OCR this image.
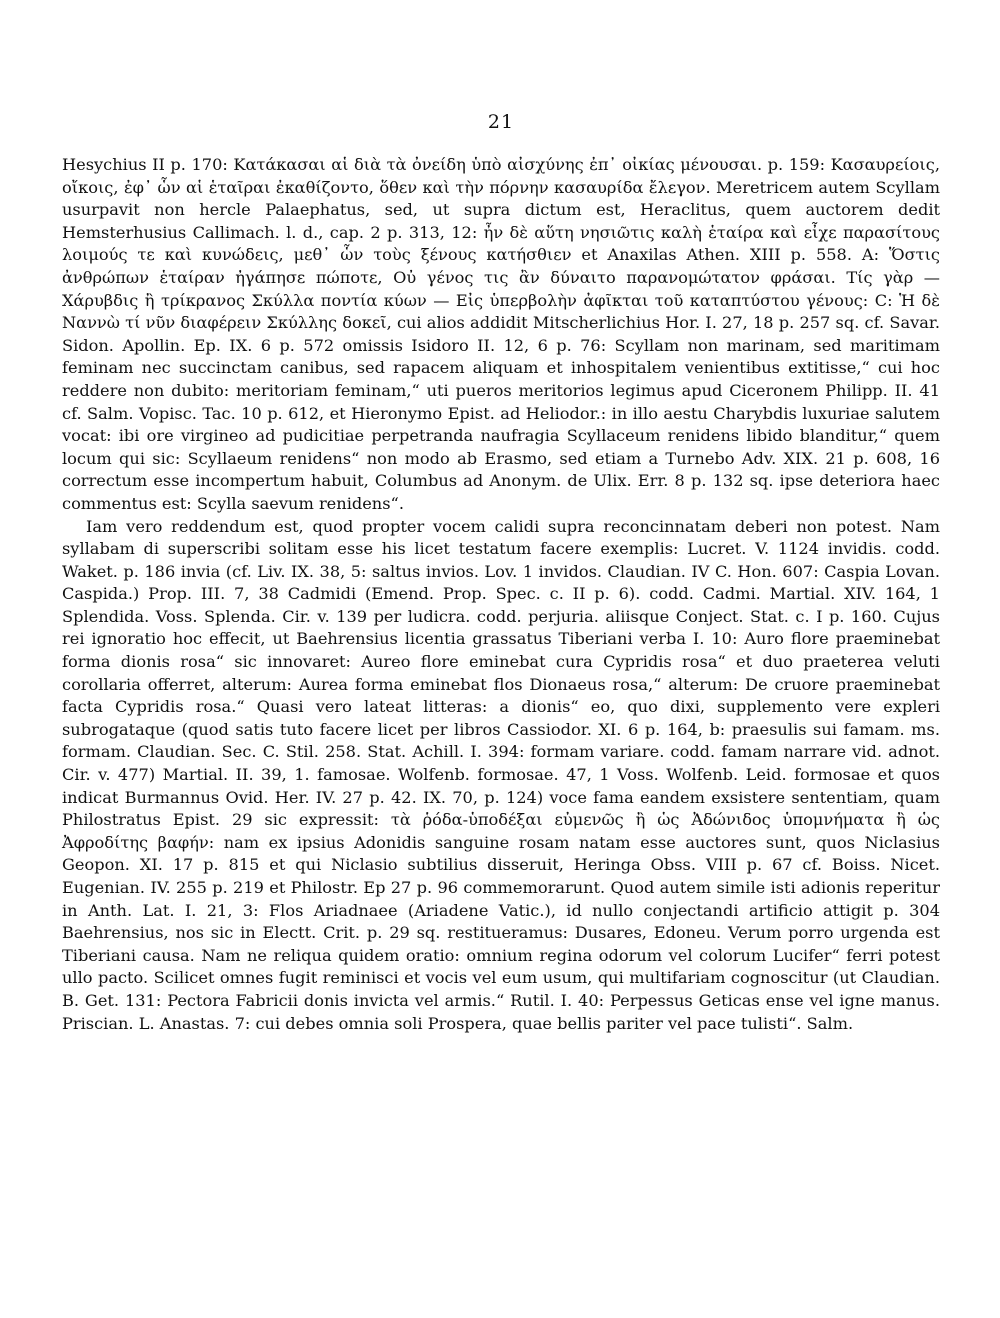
21

Hesychius II p. 170: Κατάκασαι αἱ διὰ τὰ ὀνείδη ὑπὸ αἰσχύνης ἐπ᾽ οἰκίας μένουσαι. p. 159: Κασαυρείοις, οἴκοις, ἐφ᾽ ὧν αἱ ἑταῖραι ἐκαθίζοντο, ὅθεν καὶ τὴν πόρνην κασαυρίδα ἔλεγον. Meretricem autem Scyllam usurpavit non hercle Palaephatus, sed, ut supra dictum est, Heraclitus, quem auctorem dedit Hemsterhusius Callimach. l. d., cap. 2 p. 313, 12: ἦν δὲ αὕτη νησιῶτις καλὴ ἑταίρα καὶ εἶχε παρασίτους λοιμούς τε καὶ κυνώδεις, μεθ᾽ ὧν τοὺς ξένους κατήσθιεν et Anaxilas Athen. XIII p. 558. A: Ὅστις ἀνθρώπων ἑταίραν ἠγάπησε πώποτε, Οὐ γένος τις ἂν δύναιτο παρανομώτατον φράσαι. Τίς γὰρ — Χάρυβδις ἢ τρίκρανος Σκύλλα ποντία κύων — Εἰς ὑπερβολὴν ἀφῖκται τοῦ καταπτύστου γένους: C: Ἡ δὲ Ναννὼ τί νῦν διαφέρειν Σκύλλης δοκεῖ, cui alios addidit Mitscherlichius Hor. I. 27, 18 p. 257 sq. cf. Savar. Sidon. Apollin. Ep. IX. 6 p. 572 omissis Isidoro II. 12, 6 p. 76: Scyllam non marinam, sed maritimam feminam nec succinctam canibus, sed rapacem aliquam et inhospitalem venientibus extitisse,“ cui hoc reddere non dubito: meritoriam feminam,“ uti pueros meritorios legimus apud Ciceronem Philipp. II. 41 cf. Salm. Vopisc. Tac. 10 p. 612, et Hieronymo Epist. ad Heliodor.: in illo aestu Charybdis luxuriae salutem vocat: ibi ore virgineo ad pudicitiae perpetranda naufragia Scyllaceum renidens libido blanditur,“ quem locum qui sic: Scyllaeum renidens“ non modo ab Erasmo, sed etiam a Turnebo Adv. XIX. 21 p. 608, 16 correctum esse incompertum habuit, Columbus ad Anonym. de Ulix. Err. 8 p. 132 sq. ipse deteriora haec commentus est: Scylla saevum renidens“.

Iam vero reddendum est, quod propter vocem calidi supra reconcinnatam deberi non potest. Nam syllabam di superscribi solitam esse his licet testatum facere exemplis: Lucret. V. 1124 invidis. codd. Waket. p. 186 invia (cf. Liv. IX. 38, 5: saltus invios. Lov. 1 invidos. Claudian. IV C. Hon. 607: Caspia Lovan. Caspida.) Prop. III. 7, 38 Cadmidi (Emend. Prop. Spec. c. II p. 6). codd. Cadmi. Martial. XIV. 164, 1 Splendida. Voss. Splenda. Cir. v. 139 per ludicra. codd. perjuria. aliisque Conject. Stat. c. I p. 160. Cujus rei ignoratio hoc effecit, ut Baehrensius licentia grassatus Tiberiani verba I. 10: Auro flore praeminebat forma dionis rosa“ sic innovaret: Aureo flore eminebat cura Cypridis rosa“ et duo praeterea veluti corollaria offerret, alterum: Aurea forma eminebat flos Dionaeus rosa,“ alterum: De cruore praeminebat facta Cypridis rosa.“ Quasi vero lateat litteras: a dionis“ eo, quo dixi, supplemento vere expleri subrogataque (quod satis tuto facere licet per libros Cassiodor. XI. 6 p. 164, b: praesulis sui famam. ms. formam. Claudian. Sec. C. Stil. 258. Stat. Achill. I. 394: formam variare. codd. famam narrare vid. adnot. Cir. v. 477) Martial. II. 39, 1. famosae. Wolfenb. formosae. 47, 1 Voss. Wolfenb. Leid. formosae et quos indicat Burmannus Ovid. Her. IV. 27 p. 42. IX. 70, p. 124) voce fama eandem exsistere sententiam, quam Philostratus Epist. 29 sic expressit: τὰ ῥόδα-ὑποδέξαι εὐμενῶς ἢ ὡς Ἀδώνιδος ὑπομνήματα ἢ ὡς Ἀφροδίτης βαφήν: nam ex ipsius Adonidis sanguine rosam natam esse auctores sunt, quos Niclasius Geopon. XI. 17 p. 815 et qui Niclasio subtilius disseruit, Heringa Obss. VIII p. 67 cf. Boiss. Nicet. Eugenian. IV. 255 p. 219 et Philostr. Ep 27 p. 96 commemorarunt. Quod autem simile isti adionis reperitur in Anth. Lat. I. 21, 3: Flos Ariadnaee (Ariadene Vatic.), id nullo conjectandi artificio attigit p. 304 Baehrensius, nos sic in Electt. Crit. p. 29 sq. restitueramus: Dusares, Edoneu. Verum porro urgenda est Tiberiani causa. Nam ne reliqua quidem oratio: omnium regina odorum vel colorum Lucifer“ ferri potest ullo pacto. Scilicet omnes fugit reminisci et vocis vel eum usum, qui multifariam cognoscitur (ut Claudian. B. Get. 131: Pectora Fabricii donis invicta vel armis.“ Rutil. I. 40: Perpessus Geticas ense vel igne manus. Priscian. L. Anastas. 7: cui debes omnia soli Prospera, quae bellis pariter vel pace tulisti“. Salm.
